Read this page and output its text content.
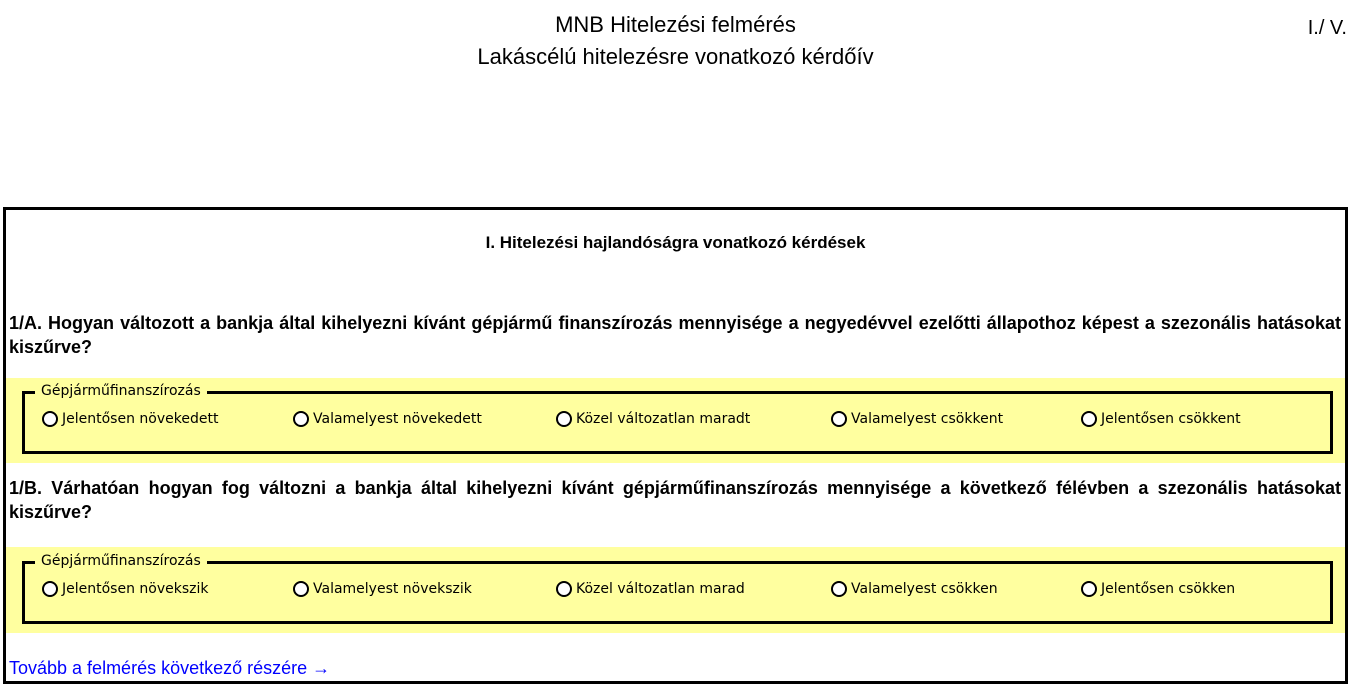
MNB Hitelezési felmérés
Lakáscélú hitelezésre vonatkozó kérdőív
I./ V.
I. Hitelezési hajlandóságra vonatkozó kérdések
1/A. Hogyan változott a bankja által kihelyezni kívánt gépjármű finanszírozás mennyisége a negyedévvel ezelőtti állapothoz képest a szezonális hatásokat kiszűrve?
Gépjárműfinanszírozás
Jelentősen növekedett	Valamelyest növekedett	Közel változatlan maradt	Valamelyest csökkent	Jelentősen csökkent
1/B. Várhatóan hogyan fog változni a bankja által kihelyezni kívánt gépjárműfinanszírozás mennyisége a következő félévben a szezonális hatásokat kiszűrve?
Gépjárműfinanszírozás
Jelentősen növekszik	Valamelyest növekszik	Közel változatlan marad	Valamelyest csökken	Jelentősen csökken
Tovább a felmérés következő részére →
